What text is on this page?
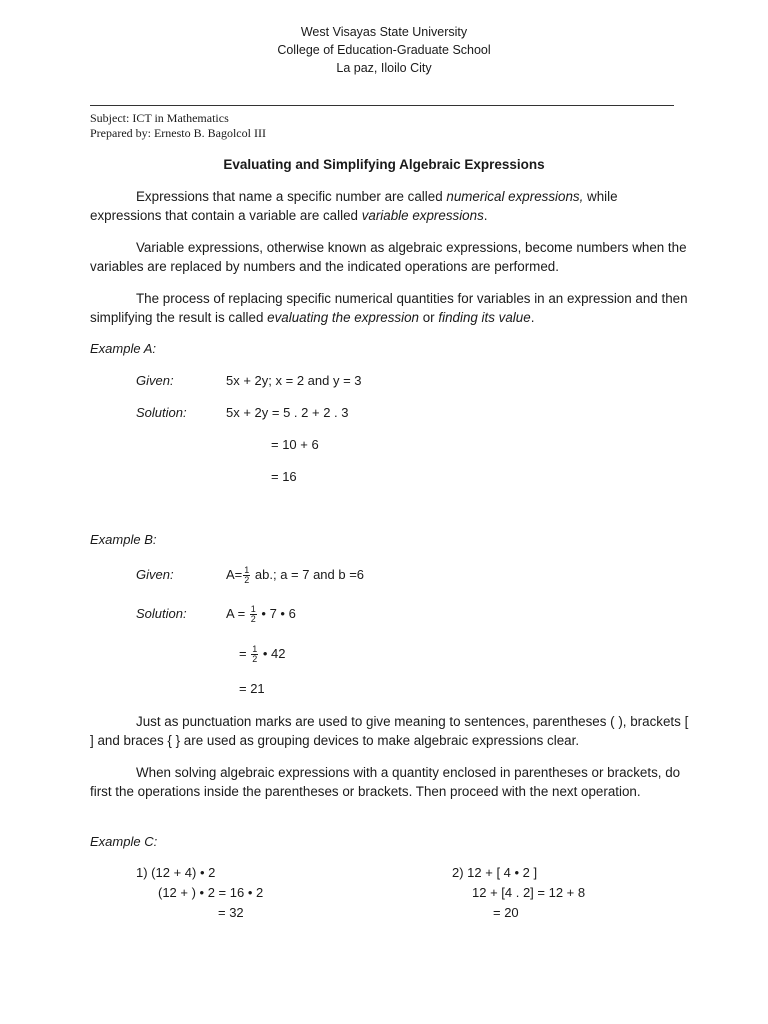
West Visayas State University
College of Education-Graduate School
La paz, Iloilo City
Subject: ICT in Mathematics
Prepared by: Ernesto B. Bagolcol III
Evaluating and Simplifying Algebraic Expressions
Expressions that name a specific number are called numerical expressions, while expressions that contain a variable are called variable expressions.
Variable expressions, otherwise known as algebraic expressions, become numbers when the variables are replaced by numbers and the indicated operations are performed.
The process of replacing specific numerical quantities for variables in an expression and then simplifying the result is called evaluating the expression or finding its value.
Example A:
Given:	5x + 2y; x = 2 and y = 3
Solution:	5x + 2y = 5 . 2 + 2 . 3
= 10 + 6
= 16
Example B:
Given:	$A= \frac{1}{2}$ ab.; a = 7 and b =6
Solution:	$A = \frac{1}{2}$ • 7 • 6
= $\frac{1}{2}$ • 42
= 21
Just as punctuation marks are used to give meaning to sentences, parentheses ( ), brackets [ ] and braces { } are used as grouping devices to make algebraic expressions clear.
When solving algebraic expressions with a quantity enclosed in parentheses or brackets, do first the operations inside the parentheses or brackets. Then proceed with the next operation.
Example C:
1) (12 + 4) • 2
(12 + ) • 2 = 16 • 2
= 32
2) 12 + [ 4 • 2 ]
12 + [4 . 2] = 12 + 8
= 20
